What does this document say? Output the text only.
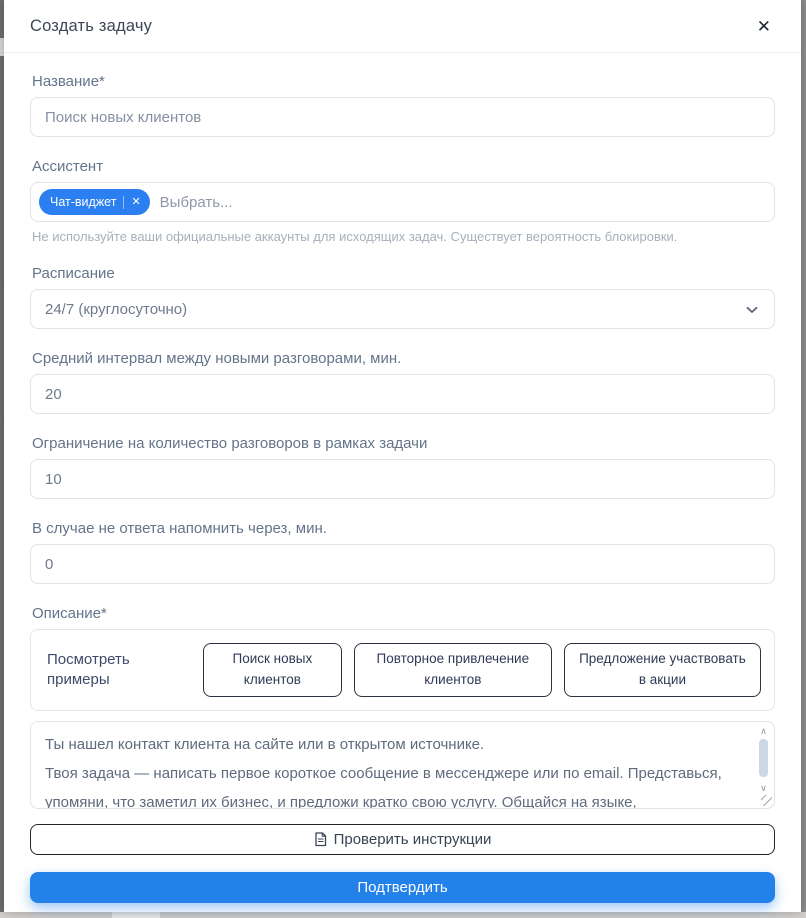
Создать задачу	✕
Название*
Поиск новых клиентов
Ассистент
Чат-виджет ✕
Выбрать...
Не используйте ваши официальные аккаунты для исходящих задач. Существует вероятность блокировки.
Расписание
24/7 (круглосуточно)
Средний интервал между новыми разговорами, мин.
20
Ограничение на количество разговоров в рамках задачи
10
В случае не ответа напомнить через, мин.
0
Описание*
Посмотреть примеры
Поиск новых клиентов
Повторное привлечение клиентов
Предложение участвовать в акции
Ты нашел контакт клиента на сайте или в открытом источнике. Твоя задача — написать первое короткое сообщение в мессенджере или по email. Представься, упомяни, что заметил их бизнес, и предложи кратко свою услугу. Общайся на языке, соответствующем
∧
∨
Проверить инструкции
Подтвердить
